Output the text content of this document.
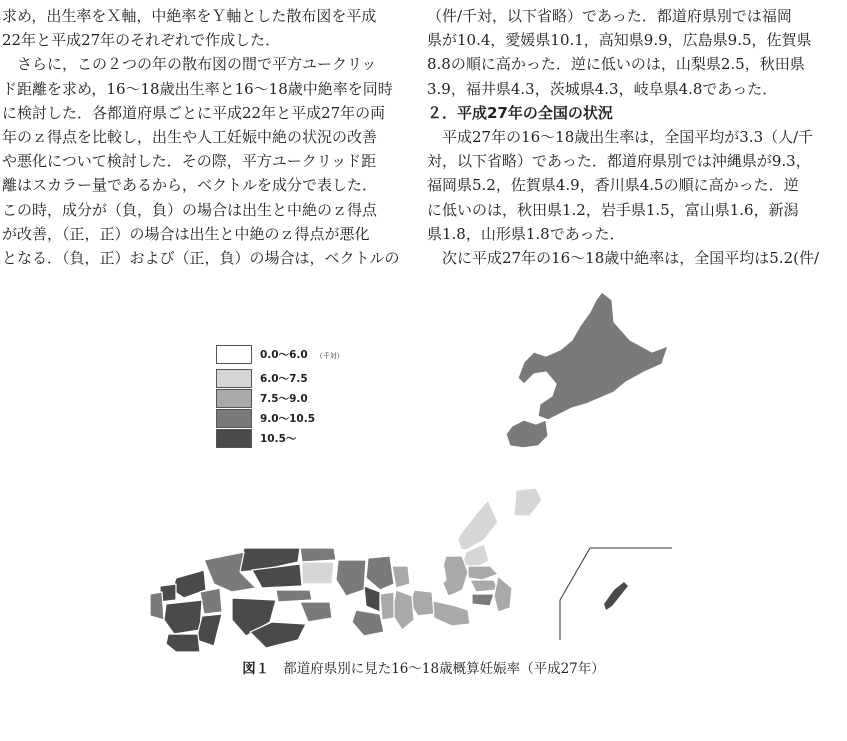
求め，出生率をＸ軸，中絶率をＹ軸とした散布図を平成
22年と平成27年のそれぞれで作成した．
　さらに，この２つの年の散布図の間で平方ユークリッ
ド距離を求め，16～18歳出生率と16～18歳中絶率を同時
に検討した．各都道府県ごとに平成22年と平成27年の両
年のｚ得点を比較し，出生や人工妊娠中絶の状況の改善
や悪化について検討した．その際，平方ユークリッド距
離はスカラー量であるから，ベクトルを成分で表した．
この時，成分が（負，負）の場合は出生と中絶のｚ得点
が改善，（正，正）の場合は出生と中絶のｚ得点が悪化
となる．（負，正）および（正，負）の場合は，ベクトルの

（件/千対，以下省略）であった．都道府県別では福岡
県が10.4，愛媛県10.1，高知県9.9，広島県9.5，佐賀県
8.8の順に高かった．逆に低いのは，山梨県2.5，秋田県
3.9，福井県4.3，茨城県4.3，岐阜県4.8であった．

２．平成27年の全国の状況

　平成27年の16～18歳出生率は，全国平均が3.3（人/千
対，以下省略）であった．都道府県別では沖縄県が9.3，
福岡県5.2，佐賀県4.9，香川県4.5の順に高かった．逆
に低いのは，秋田県1.2，岩手県1.5，富山県1.6，新潟
県1.8，山形県1.8であった．
　次に平成27年の16～18歳中絶率は，全国平均は5.2(件/

0.0～6.0 （千対）
6.0～7.5
7.5～9.0
9.0～10.5
10.5～
図１ 都道府県別に見た16～18歳概算妊娠率（平成27年）
